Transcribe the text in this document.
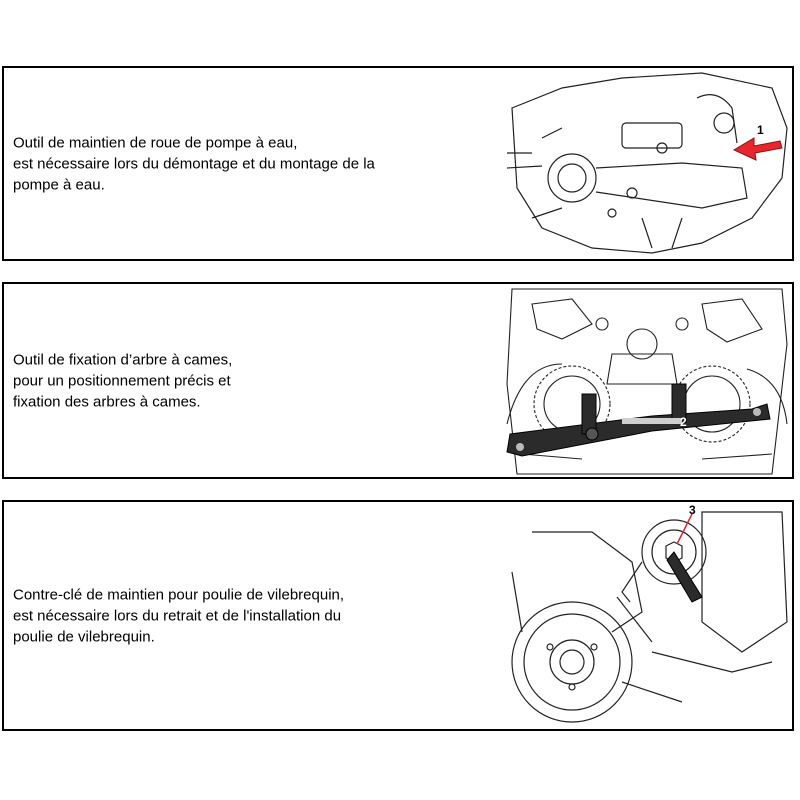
Outil de maintien de roue de pompe à eau,
est nécessaire lors du démontage et du montage de la
pompe à eau.
1
Outil de fixation d’arbre à cames,
pour un positionnement précis et
fixation des arbres à cames.
2
Contre-clé de maintien pour poulie de vilebrequin,
est nécessaire lors du retrait et de l'installation du
poulie de vilebrequin.
3
